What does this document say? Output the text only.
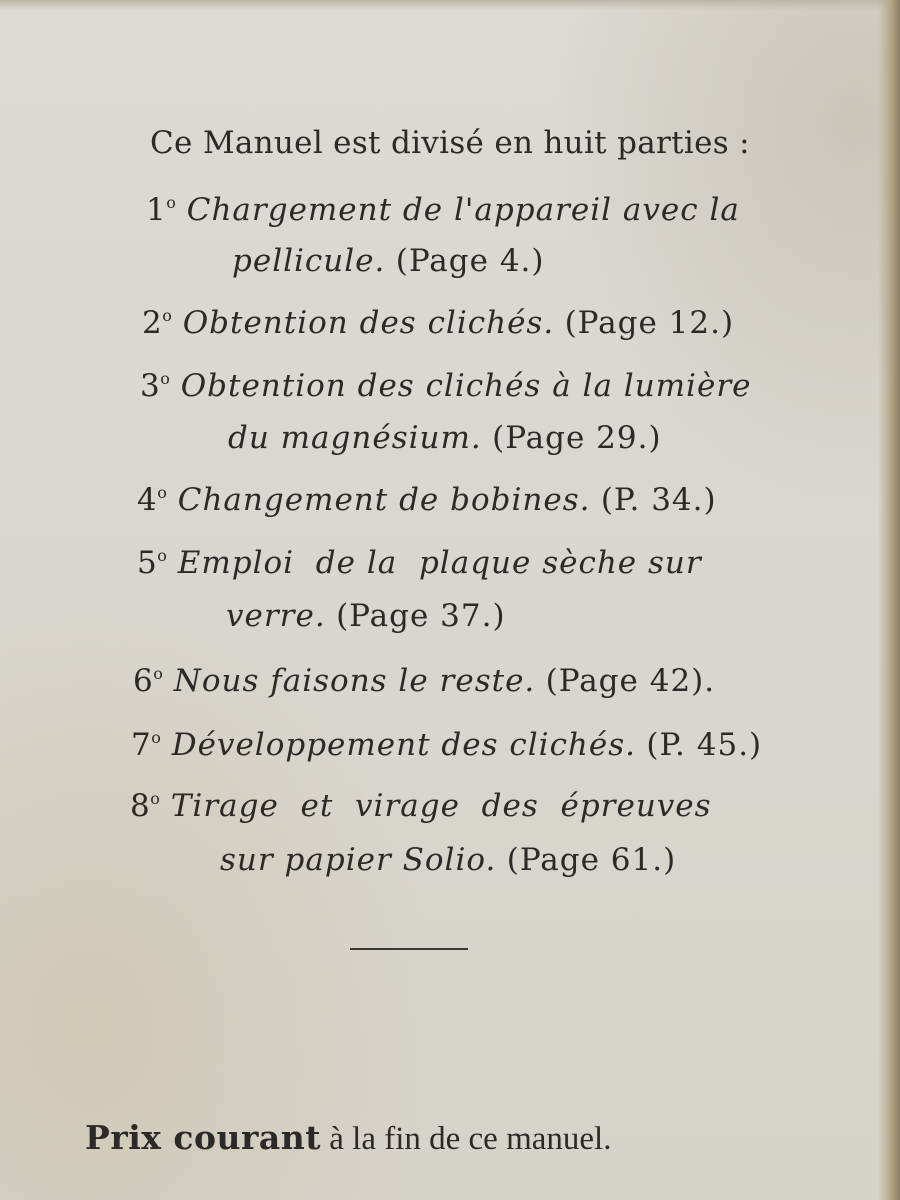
Ce Manuel est divisé en huit parties :
1$^o$ Chargement de l'appareil avec la
pellicule. (Page 4.)
2$^o$ Obtention des clichés. (Page 12.)
3$^o$ Obtention des clichés à la lumière
du magnésium. (Page 29.)
4$^o$ Changement de bobines. (P. 34.)
5$^o$ Emploi  de la  plaque sèche sur
verre. (Page 37.)
6$^o$ Nous faisons le reste. (Page 42).
7$^o$ Développement des clichés. (P. 45.)
8$^o$ Tirage  et  virage  des  épreuves
sur papier Solio. (Page 61.)
Prix courant à la fin de ce manuel.
